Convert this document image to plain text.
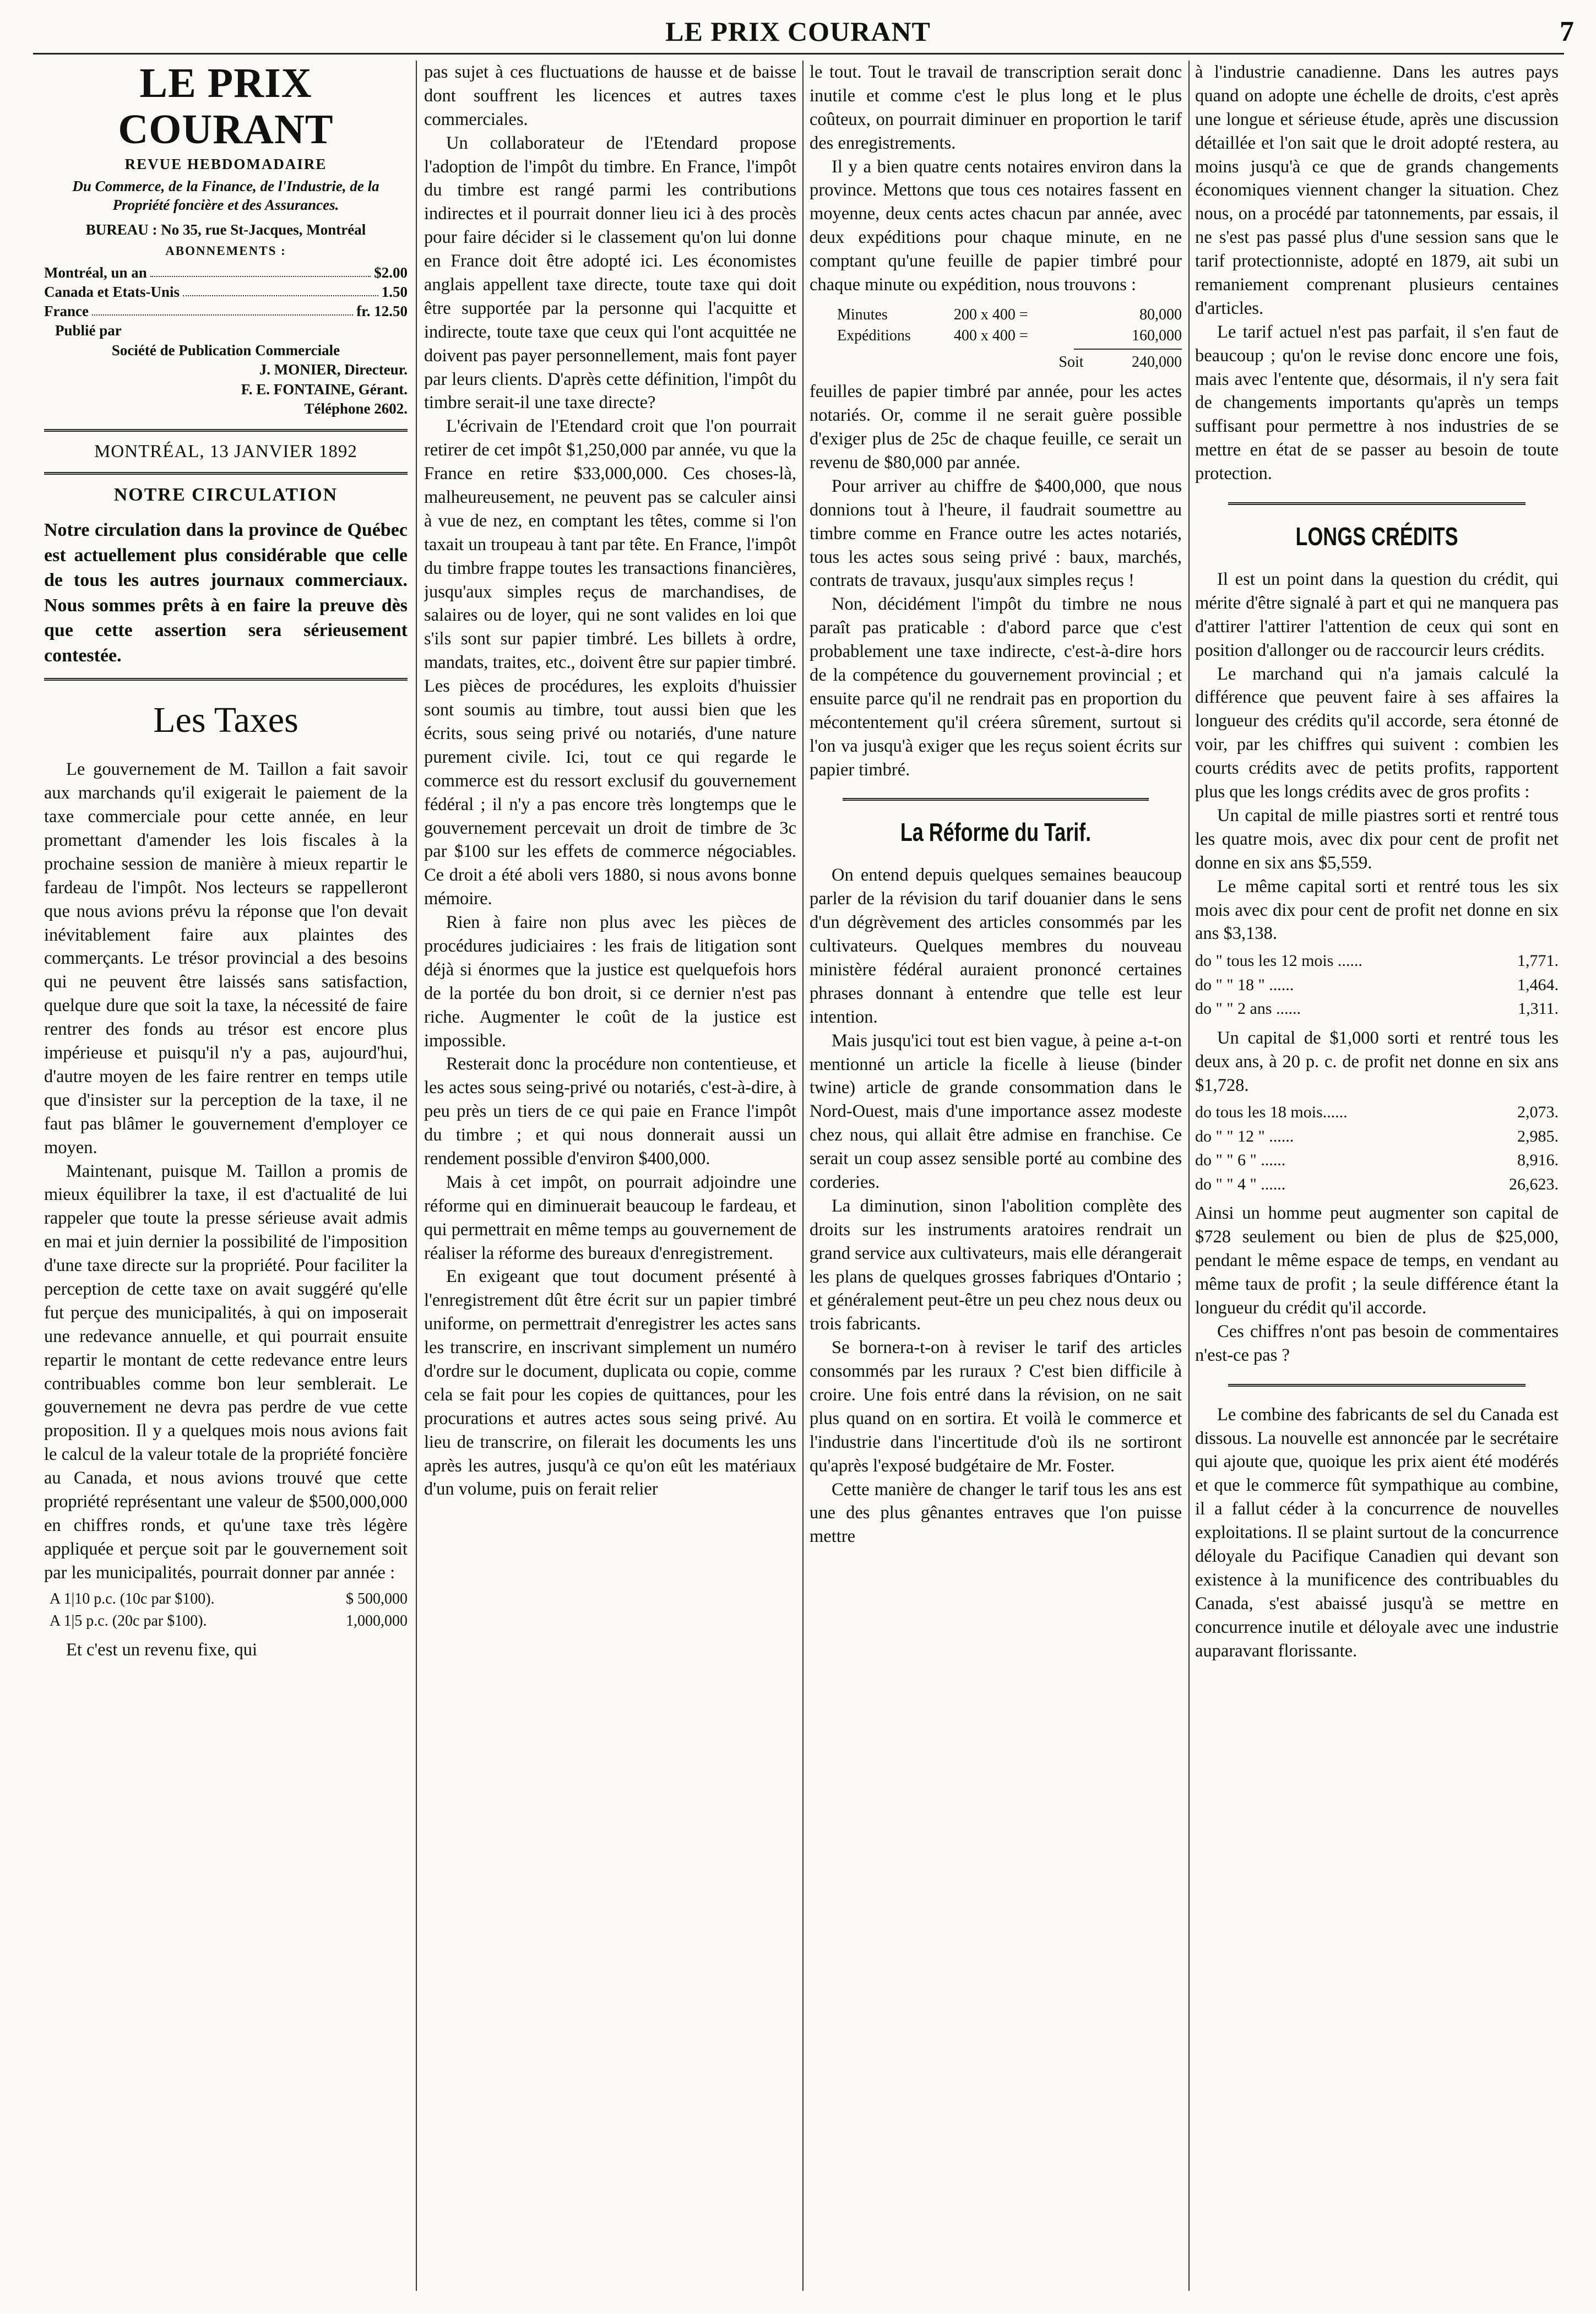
LE PRIX COURANT	7
LE PRIX COURANT
REVUE HEBDOMADAIRE
Du Commerce, de la Finance, de l'Industrie, de la Propriété foncière et des Assurances.
BUREAU : No 35, rue St-Jacques, Montréal
ABONNEMENTS :
Montréal, un an	$2.00
Canada et Etats-Unis	1.50
France	fr. 12.50
Publié par
Société de Publication Commerciale
J. MONIER, Directeur.
F. E. FONTAINE, Gérant.
Téléphone 2602.
MONTRÉAL, 13 JANVIER 1892
NOTRE CIRCULATION

Notre circulation dans la province de Québec est actuellement plus considérable que celle de tous les autres journaux commerciaux. Nous sommes prêts à en faire la preuve dès que cette assertion sera sérieusement contestée.

Les Taxes

Le gouvernement de M. Taillon a fait savoir aux marchands qu'il exigerait le paiement de la taxe commerciale pour cette année, en leur promettant d'amender les lois fiscales à la prochaine session de manière à mieux repartir le fardeau de l'impôt. Nos lecteurs se rappelleront que nous avions prévu la réponse que l'on devait inévitablement faire aux plaintes des commerçants. Le trésor provincial a des besoins qui ne peuvent être laissés sans satisfaction, quelque dure que soit la taxe, la nécessité de faire rentrer des fonds au trésor est encore plus impérieuse et puisqu'il n'y a pas, aujourd'hui, d'autre moyen de les faire rentrer en temps utile que d'insister sur la perception de la taxe, il ne faut pas blâmer le gouvernement d'employer ce moyen.

Maintenant, puisque M. Taillon a promis de mieux équilibrer la taxe, il est d'actualité de lui rappeler que toute la presse sérieuse avait admis en mai et juin dernier la possibilité de l'imposition d'une taxe directe sur la propriété. Pour faciliter la perception de cette taxe on avait suggéré qu'elle fut perçue des municipalités, à qui on imposerait une redevance annuelle, et qui pourrait ensuite repartir le montant de cette redevance entre leurs contribuables comme bon leur semblerait. Le gouvernement ne devra pas perdre de vue cette proposition. Il y a quelques mois nous avions fait le calcul de la valeur totale de la propriété foncière au Canada, et nous avions trouvé que cette propriété représentant une valeur de $500,000,000 en chiffres ronds, et qu'une taxe très légère appliquée et perçue soit par le gouvernement soit par les municipalités, pourrait donner par année :

A 1|10 p.c. (10c par $100).	$ 500,000
A 1|5 p.c. (20c par $100).	1,000,000

Et c'est un revenu fixe, qui

pas sujet à ces fluctuations de hausse et de baisse dont souffrent les licences et autres taxes commerciales.

Un collaborateur de l'Etendard propose l'adoption de l'impôt du timbre. En France, l'impôt du timbre est rangé parmi les contributions indirectes et il pourrait donner lieu ici à des procès pour faire décider si le classement qu'on lui donne en France doit être adopté ici. Les économistes anglais appellent taxe directe, toute taxe qui doit être supportée par la personne qui l'acquitte et indirecte, toute taxe que ceux qui l'ont acquittée ne doivent pas payer personnellement, mais font payer par leurs clients. D'après cette définition, l'impôt du timbre serait-il une taxe directe?

L'écrivain de l'Etendard croit que l'on pourrait retirer de cet impôt $1,250,000 par année, vu que la France en retire $33,000,000. Ces choses-là, malheureusement, ne peuvent pas se calculer ainsi à vue de nez, en comptant les têtes, comme si l'on taxait un troupeau à tant par tête. En France, l'impôt du timbre frappe toutes les transactions financières, jusqu'aux simples reçus de marchandises, de salaires ou de loyer, qui ne sont valides en loi que s'ils sont sur papier timbré. Les billets à ordre, mandats, traites, etc., doivent être sur papier timbré. Les pièces de procédures, les exploits d'huissier sont soumis au timbre, tout aussi bien que les écrits, sous seing privé ou notariés, d'une nature purement civile. Ici, tout ce qui regarde le commerce est du ressort exclusif du gouvernement fédéral ; il n'y a pas encore très longtemps que le gouvernement percevait un droit de timbre de 3c par $100 sur les effets de commerce négociables. Ce droit a été aboli vers 1880, si nous avons bonne mémoire.

Rien à faire non plus avec les pièces de procédures judiciaires : les frais de litigation sont déjà si énormes que la justice est quelquefois hors de la portée du bon droit, si ce dernier n'est pas riche. Augmenter le coût de la justice est impossible.

Resterait donc la procédure non contentieuse, et les actes sous seing-privé ou notariés, c'est-à-dire, à peu près un tiers de ce qui paie en France l'impôt du timbre ; et qui nous donnerait aussi un rendement possible d'environ $400,000.

Mais à cet impôt, on pourrait adjoindre une réforme qui en diminuerait beaucoup le fardeau, et qui permettrait en même temps au gouvernement de réaliser la réforme des bureaux d'enregistrement.

En exigeant que tout document présenté à l'enregistrement dût être écrit sur un papier timbré uniforme, on permettrait d'enregistrer les actes sans les transcrire, en inscrivant simplement un numéro d'ordre sur le document, duplicata ou copie, comme cela se fait pour les copies de quittances, pour les procurations et autres actes sous seing privé. Au lieu de transcrire, on filerait les documents les uns après les autres, jusqu'à ce qu'on eût les matériaux d'un volume, puis on ferait relier

le tout. Tout le travail de transcription serait donc inutile et comme c'est le plus long et le plus coûteux, on pourrait diminuer en proportion le tarif des enregistrements.

Il y a bien quatre cents notaires environ dans la province. Mettons que tous ces notaires fassent en moyenne, deux cents actes chacun par année, avec deux expéditions pour chaque minute, en ne comptant qu'une feuille de papier timbré pour chaque minute ou expédition, nous trouvons :

Minutes	200 x 400 =	80,000
Expéditions	400 x 400 =	160,000
Soit	240,000

feuilles de papier timbré par année, pour les actes notariés. Or, comme il ne serait guère possible d'exiger plus de 25c de chaque feuille, ce serait un revenu de $80,000 par année.

Pour arriver au chiffre de $400,000, que nous donnions tout à l'heure, il faudrait soumettre au timbre comme en France outre les actes notariés, tous les actes sous seing privé : baux, marchés, contrats de travaux, jusqu'aux simples reçus !

Non, décidément l'impôt du timbre ne nous paraît pas praticable : d'abord parce que c'est probablement une taxe indirecte, c'est-à-dire hors de la compétence du gouvernement provincial ; et ensuite parce qu'il ne rendrait pas en proportion du mécontentement qu'il créera sûrement, surtout si l'on va jusqu'à exiger que les reçus soient écrits sur papier timbré.

La Réforme du Tarif.

On entend depuis quelques semaines beaucoup parler de la révision du tarif douanier dans le sens d'un dégrèvement des articles consommés par les cultivateurs. Quelques membres du nouveau ministère fédéral auraient prononcé certaines phrases donnant à entendre que telle est leur intention.

Mais jusqu'ici tout est bien vague, à peine a-t-on mentionné un article la ficelle à lieuse (binder twine) article de grande consommation dans le Nord-Ouest, mais d'une importance assez modeste chez nous, qui allait être admise en franchise. Ce serait un coup assez sensible porté au combine des corderies.

La diminution, sinon l'abolition complète des droits sur les instruments aratoires rendrait un grand service aux cultivateurs, mais elle dérangerait les plans de quelques grosses fabriques d'Ontario ; et généralement peut-être un peu chez nous deux ou trois fabricants.

Se bornera-t-on à reviser le tarif des articles consommés par les ruraux ? C'est bien difficile à croire. Une fois entré dans la révision, on ne sait plus quand on en sortira. Et voilà le commerce et l'industrie dans l'incertitude d'où ils ne sortiront qu'après l'exposé budgétaire de Mr. Foster.

Cette manière de changer le tarif tous les ans est une des plus gênantes entraves que l'on puisse mettre

à l'industrie canadienne. Dans les autres pays quand on adopte une échelle de droits, c'est après une longue et sérieuse étude, après une discussion détaillée et l'on sait que le droit adopté restera, au moins jusqu'à ce que de grands changements économiques viennent changer la situation. Chez nous, on a procédé par tatonnements, par essais, il ne s'est pas passé plus d'une session sans que le tarif protectionniste, adopté en 1879, ait subi un remaniement comprenant plusieurs centaines d'articles.

Le tarif actuel n'est pas parfait, il s'en faut de beaucoup ; qu'on le revise donc encore une fois, mais avec l'entente que, désormais, il n'y sera fait de changements importants qu'après un temps suffisant pour permettre à nos industries de se mettre en état de se passer au besoin de toute protection.

LONGS CRÉDITS

Il est un point dans la question du crédit, qui mérite d'être signalé à part et qui ne manquera pas d'attirer l'attirer l'attention de ceux qui sont en position d'allonger ou de raccourcir leurs crédits.

Le marchand qui n'a jamais calculé la différence que peuvent faire à ses affaires la longueur des crédits qu'il accorde, sera étonné de voir, par les chiffres qui suivent : combien les courts crédits avec de petits profits, rapportent plus que les longs crédits avec de gros profits :

Un capital de mille piastres sorti et rentré tous les quatre mois, avec dix pour cent de profit net donne en six ans $5,559.

Le même capital sorti et rentré tous les six mois avec dix pour cent de profit net donne en six ans $3,138.

do " tous les 12 mois ......	1,771.
do " " 18 " ......	1,464.
do " " 2 ans ......	1,311.

Un capital de $1,000 sorti et rentré tous les deux ans, à 20 p. c. de profit net donne en six ans $1,728.

do tous les 18 mois......	2,073.
do " " 12 " ......	2,985.
do " " 6 " ......	8,916.
do " " 4 " ......	26,623.

Ainsi un homme peut augmenter son capital de $728 seulement ou bien de plus de $25,000, pendant le même espace de temps, en vendant au même taux de profit ; la seule différence étant la longueur du crédit qu'il accorde.

Ces chiffres n'ont pas besoin de commentaires n'est-ce pas ?

Le combine des fabricants de sel du Canada est dissous. La nouvelle est annoncée par le secrétaire qui ajoute que, quoique les prix aient été modérés et que le commerce fût sympathique au combine, il a fallut céder à la concurrence de nouvelles exploitations. Il se plaint surtout de la concurrence déloyale du Pacifique Canadien qui devant son existence à la munificence des contribuables du Canada, s'est abaissé jusqu'à se mettre en concurrence inutile et déloyale avec une industrie auparavant florissante.
